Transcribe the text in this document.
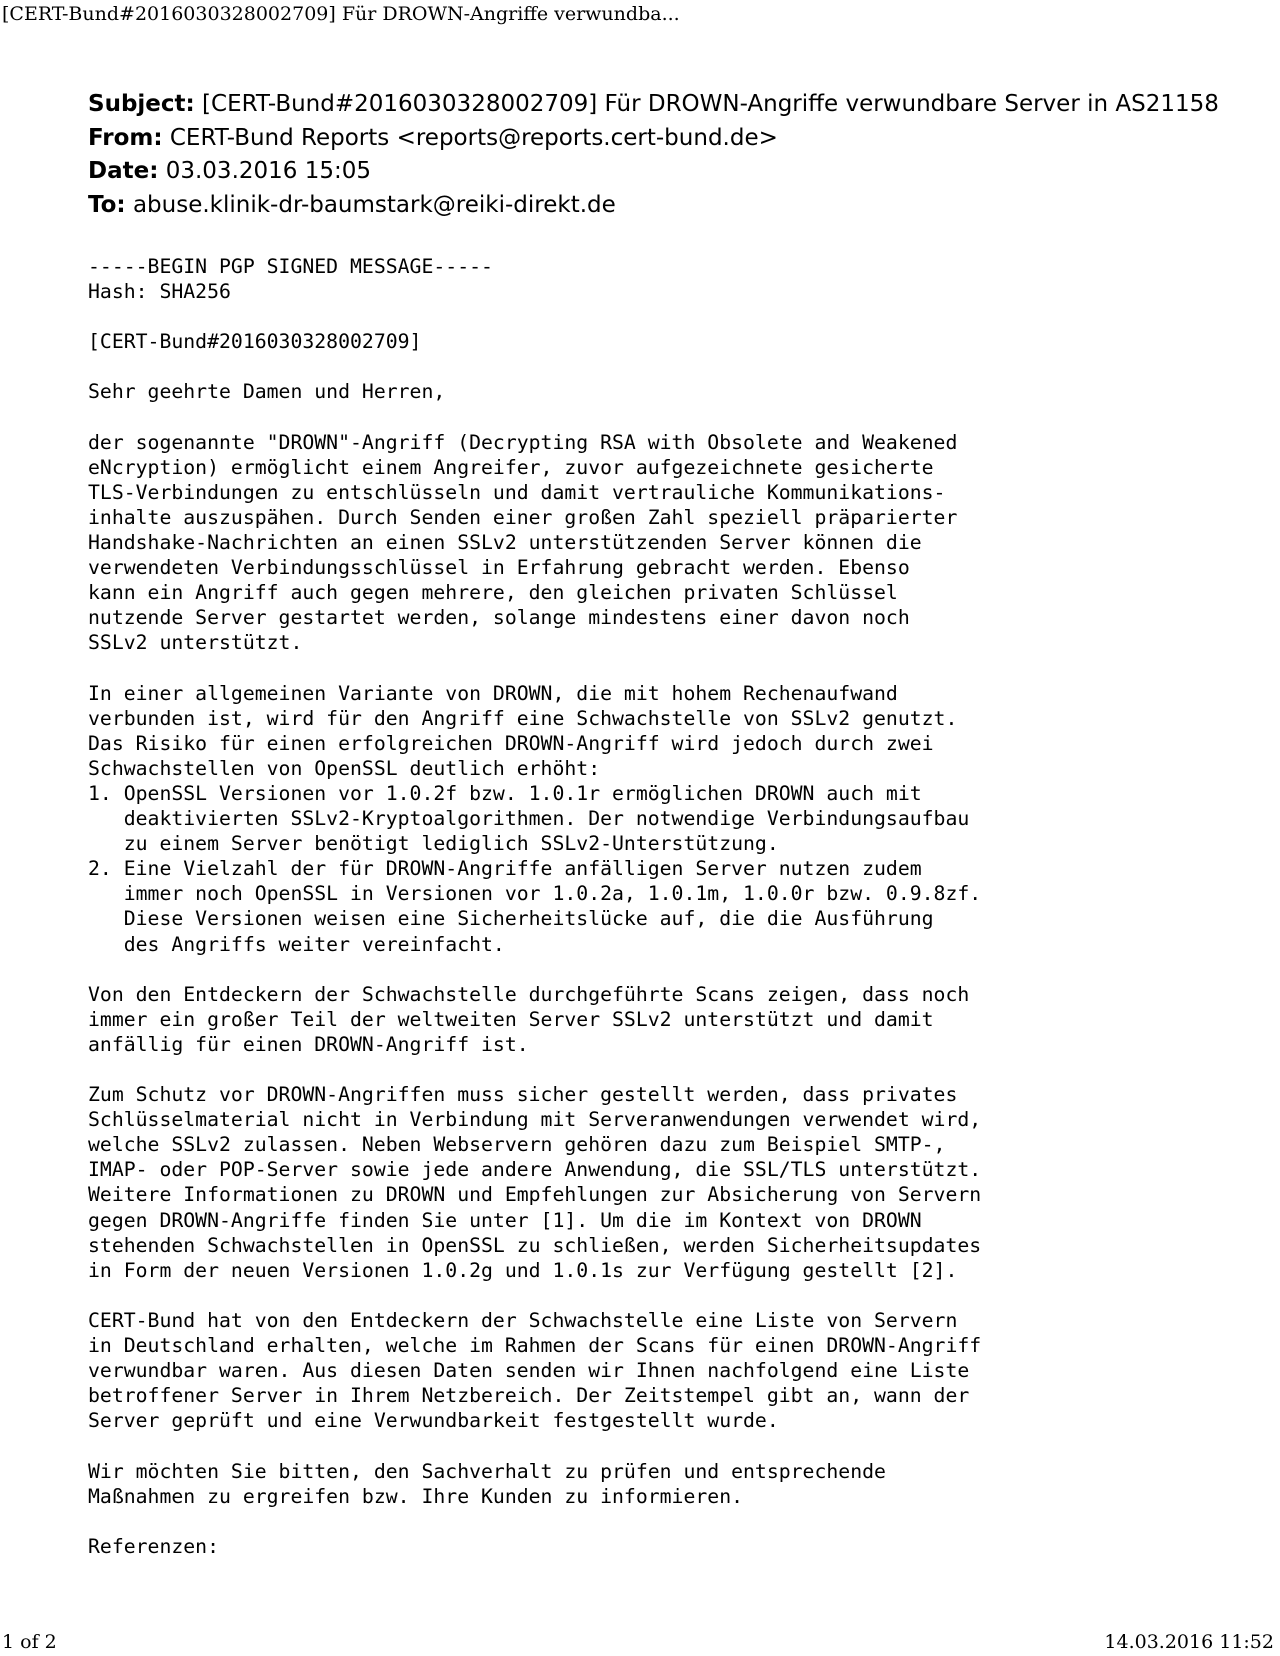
[CERT-Bund#2016030328002709] Für DROWN-Angriffe verwundba...
Subject: [CERT-Bund#2016030328002709] Für DROWN-Angriffe verwundbare Server in AS21158
From: CERT-Bund Reports <reports@reports.cert-bund.de>
Date: 03.03.2016 15:05
To: abuse.klinik-dr-baumstark@reiki-direkt.de
-----BEGIN PGP SIGNED MESSAGE-----
Hash: SHA256

[CERT-Bund#2016030328002709]

Sehr geehrte Damen und Herren,

der sogenannte "DROWN"-Angriff (Decrypting RSA with Obsolete and Weakened
eNcryption) ermöglicht einem Angreifer, zuvor aufgezeichnete gesicherte
TLS-Verbindungen zu entschlüsseln und damit vertrauliche Kommunikations-
inhalte auszuspähen. Durch Senden einer großen Zahl speziell präparierter
Handshake-Nachrichten an einen SSLv2 unterstützenden Server können die
verwendeten Verbindungsschlüssel in Erfahrung gebracht werden. Ebenso
kann ein Angriff auch gegen mehrere, den gleichen privaten Schlüssel
nutzende Server gestartet werden, solange mindestens einer davon noch
SSLv2 unterstützt.

In einer allgemeinen Variante von DROWN, die mit hohem Rechenaufwand
verbunden ist, wird für den Angriff eine Schwachstelle von SSLv2 genutzt.
Das Risiko für einen erfolgreichen DROWN-Angriff wird jedoch durch zwei
Schwachstellen von OpenSSL deutlich erhöht:
1. OpenSSL Versionen vor 1.0.2f bzw. 1.0.1r ermöglichen DROWN auch mit
deaktivierten SSLv2-Kryptoalgorithmen. Der notwendige Verbindungsaufbau
zu einem Server benötigt lediglich SSLv2-Unterstützung.
2. Eine Vielzahl der für DROWN-Angriffe anfälligen Server nutzen zudem
immer noch OpenSSL in Versionen vor 1.0.2a, 1.0.1m, 1.0.0r bzw. 0.9.8zf.
Diese Versionen weisen eine Sicherheitslücke auf, die die Ausführung
des Angriffs weiter vereinfacht.

Von den Entdeckern der Schwachstelle durchgeführte Scans zeigen, dass noch
immer ein großer Teil der weltweiten Server SSLv2 unterstützt und damit
anfällig für einen DROWN-Angriff ist.

Zum Schutz vor DROWN-Angriffen muss sicher gestellt werden, dass privates
Schlüsselmaterial nicht in Verbindung mit Serveranwendungen verwendet wird,
welche SSLv2 zulassen. Neben Webservern gehören dazu zum Beispiel SMTP-,
IMAP- oder POP-Server sowie jede andere Anwendung, die SSL/TLS unterstützt.
Weitere Informationen zu DROWN und Empfehlungen zur Absicherung von Servern
gegen DROWN-Angriffe finden Sie unter [1]. Um die im Kontext von DROWN
stehenden Schwachstellen in OpenSSL zu schließen, werden Sicherheitsupdates
in Form der neuen Versionen 1.0.2g und 1.0.1s zur Verfügung gestellt [2].

CERT-Bund hat von den Entdeckern der Schwachstelle eine Liste von Servern
in Deutschland erhalten, welche im Rahmen der Scans für einen DROWN-Angriff
verwundbar waren. Aus diesen Daten senden wir Ihnen nachfolgend eine Liste
betroffener Server in Ihrem Netzbereich. Der Zeitstempel gibt an, wann der
Server geprüft und eine Verwundbarkeit festgestellt wurde.

Wir möchten Sie bitten, den Sachverhalt zu prüfen und entsprechende
Maßnahmen zu ergreifen bzw. Ihre Kunden zu informieren.

Referenzen:
1 of 2	14.03.2016 11:52
